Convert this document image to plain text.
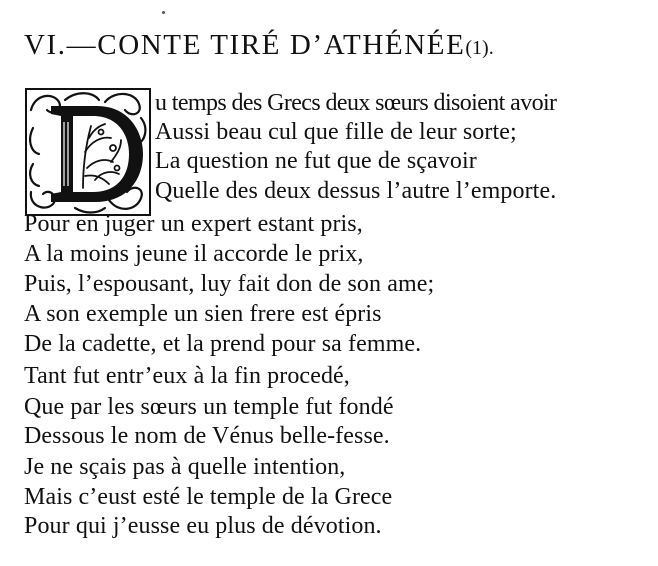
VI.—CONTE TIRÉ D’ATHÉNÉE(1).
u temps des Grecs deux sœurs disoient avoir
Aussi beau cul que fille de leur sorte;
La question ne fut que de sçavoir
Quelle des deux dessus l’autre l’emporte.
Pour en juger un expert estant pris,
A la moins jeune il accorde le prix,
Puis, l’espousant, luy fait don de son ame;
A son exemple un sien frere est épris
De la cadette, et la prend pour sa femme.
Tant fut entr’eux à la fin procedé,
Que par les sœurs un temple fut fondé
Dessous le nom de Vénus belle-fesse.
Je ne sçais pas à quelle intention,
Mais c’eust esté le temple de la Grece
Pour qui j’eusse eu plus de dévotion.
